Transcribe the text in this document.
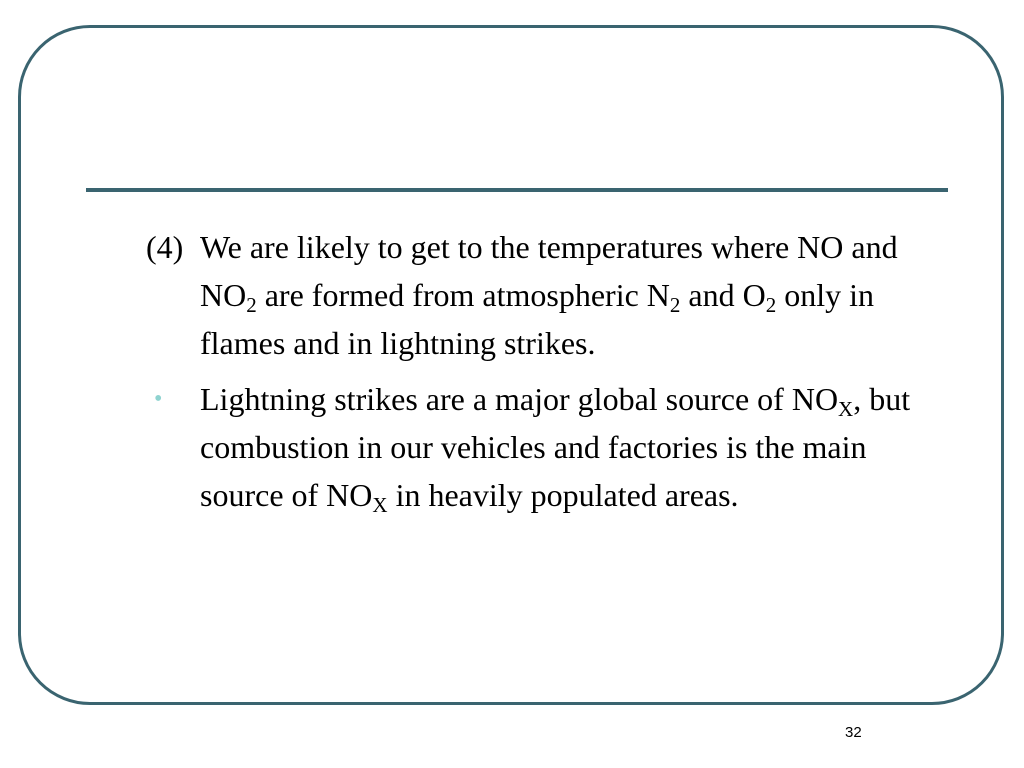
(4) We are likely to get to the temperatures where NO and $NO_2$ are formed from atmospheric $N_2$ and $O_2$ only in flames and in lightning strikes.
•	Lightning strikes are a major global source of $NO_X$, but combustion in our vehicles and factories is the main source of $NO_X$ in heavily populated areas.
32
